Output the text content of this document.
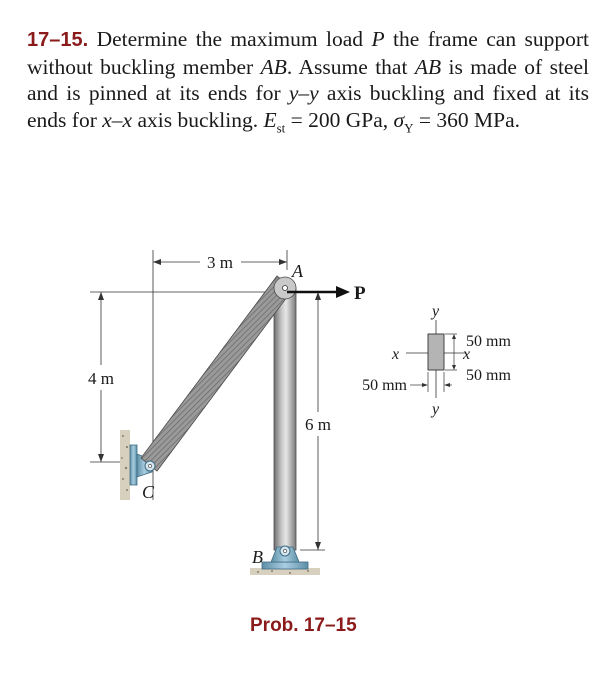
17–15. Determine the maximum load P the frame can support without buckling member AB. Assume that AB is made of steel and is pinned at its ends for y–y axis buckling and fixed at its ends for x–x axis buckling. $E_{st} = 200$ GPa, $\sigma_Y = 360$ MPa.

3 m
4 m
6 m
A
B
C
P
y
y
x	x
50 mm
50 mm
50 mm

Prob. 17–15
